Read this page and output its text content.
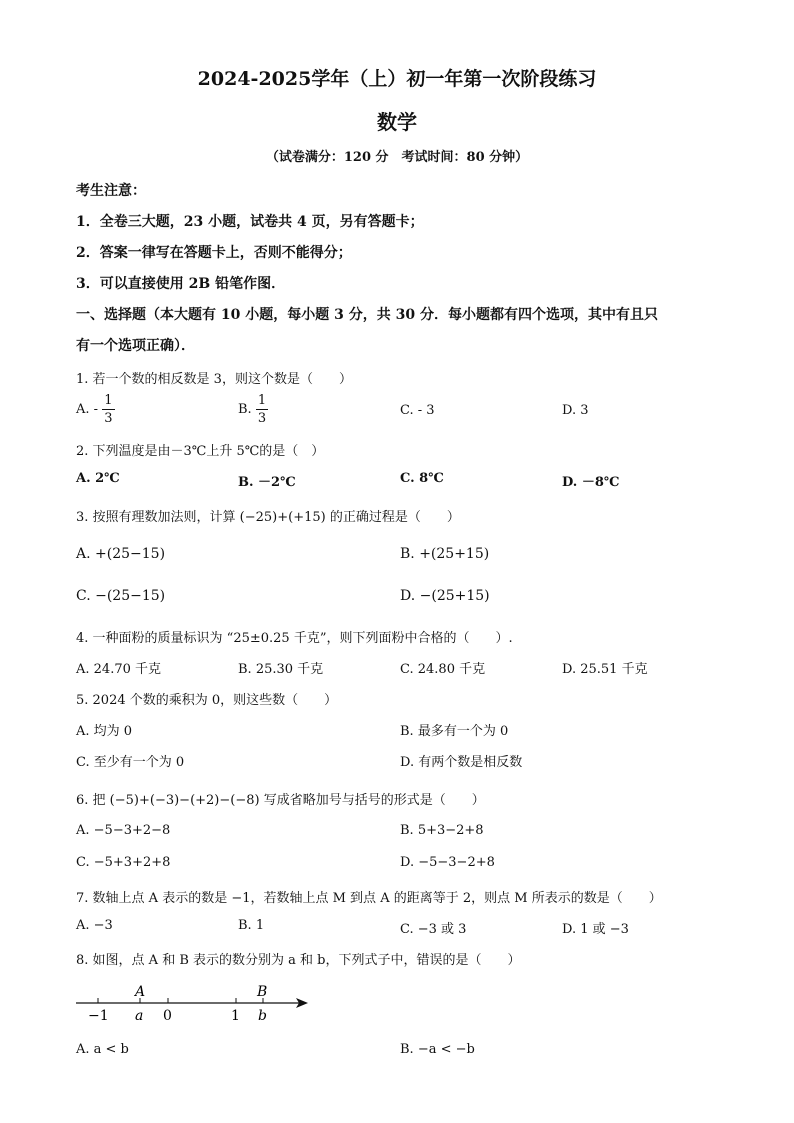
2024-2025学年（上）初一年第一次阶段练习
数学
（试卷满分：120 分　考试时间：80 分钟）
考生注意：
1．全卷三大题，23 小题，试卷共 4 页，另有答题卡；
2．答案一律写在答题卡上，否则不能得分；
3．可以直接使用 2B 铅笔作图．
一、选择题（本大题有 10 小题，每小题 3 分，共 30 分．每小题都有四个选项，其中有且只
有一个选项正确）．
1. 若一个数的相反数是 3，则这个数是（　　）
A. - $\frac{1}{3}$	B. $\frac{1}{3}$	C. - 3	D. 3
2. 下列温度是由－3℃上升 5℃的是（　）
A. 2℃	B. －2℃	C. 8℃	D. －8℃
3. 按照有理数加法则，计算 (−25)+(+15) 的正确过程是（　　）
A. +(25−15)	B. +(25+15)
C. −(25−15)	D. −(25+15)
4. 一种面粉的质量标识为 “25±0.25 千克”，则下列面粉中合格的（　　）.
A. 24.70 千克	B. 25.30 千克	C. 24.80 千克	D. 25.51 千克
5. 2024 个数的乘积为 0，则这些数（　　）
A. 均为 0	B. 最多有一个为 0
C. 至少有一个为 0	D. 有两个数是相反数
6. 把 (−5)+(−3)−(+2)−(−8) 写成省略加号与括号的形式是（　　）
A. −5−3+2−8	B. 5+3−2+8
C. −5+3+2+8	D. −5−3−2+8
7. 数轴上点 A 表示的数是 −1，若数轴上点 M 到点 A 的距离等于 2，则点 M 所表示的数是（　　）
A. −3	B. 1	C. −3 或 3	D. 1 或 −3
8. 如图，点 A 和 B 表示的数分别为 a 和 b，下列式子中，错误的是（　　）
A	B
−1 a 0	1 b
A. a < b	B. −a < −b
